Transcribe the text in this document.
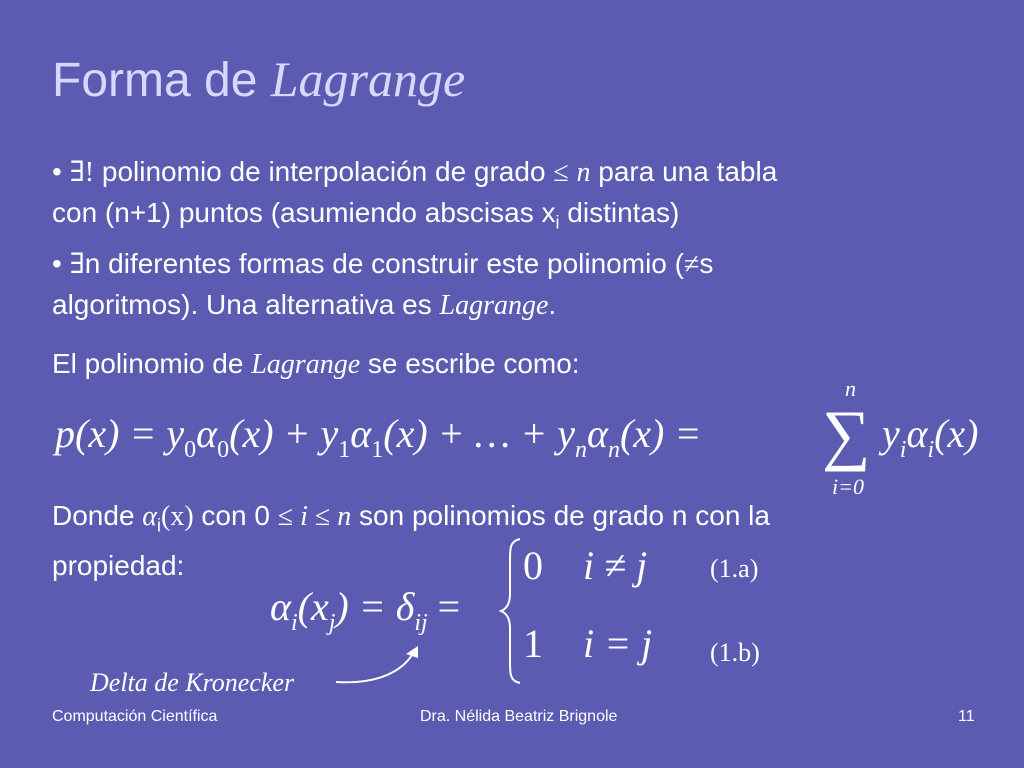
Forma de Lagrange
• ∃! polinomio de interpolación de grado ≤ n para una tabla
con (n+1) puntos (asumiendo abscisas $x_i$ distintas)
• ∃n diferentes formas de construir este polinomio (≠s
algoritmos). Una alternativa es Lagrange.
El polinomio de Lagrange se escribe como:
$p(x) = y_0\alpha_0(x) + y_1\alpha_1(x)$ + … + $y_n\alpha_n(x)$ =
n
∑
i=0
$y_i\alpha_i(x)$
Donde $\alpha_i(x)$ con 0 ≤ i ≤ n son polinomios de grado n con la
propiedad:
$\alpha_i(x_j) = \delta_{ij}$ =
0 i ≠ j
1 i = j
(1.a)
(1.b)
Delta de Kronecker
Computación Científica	Dra. Nélida Beatriz Brignole	11
